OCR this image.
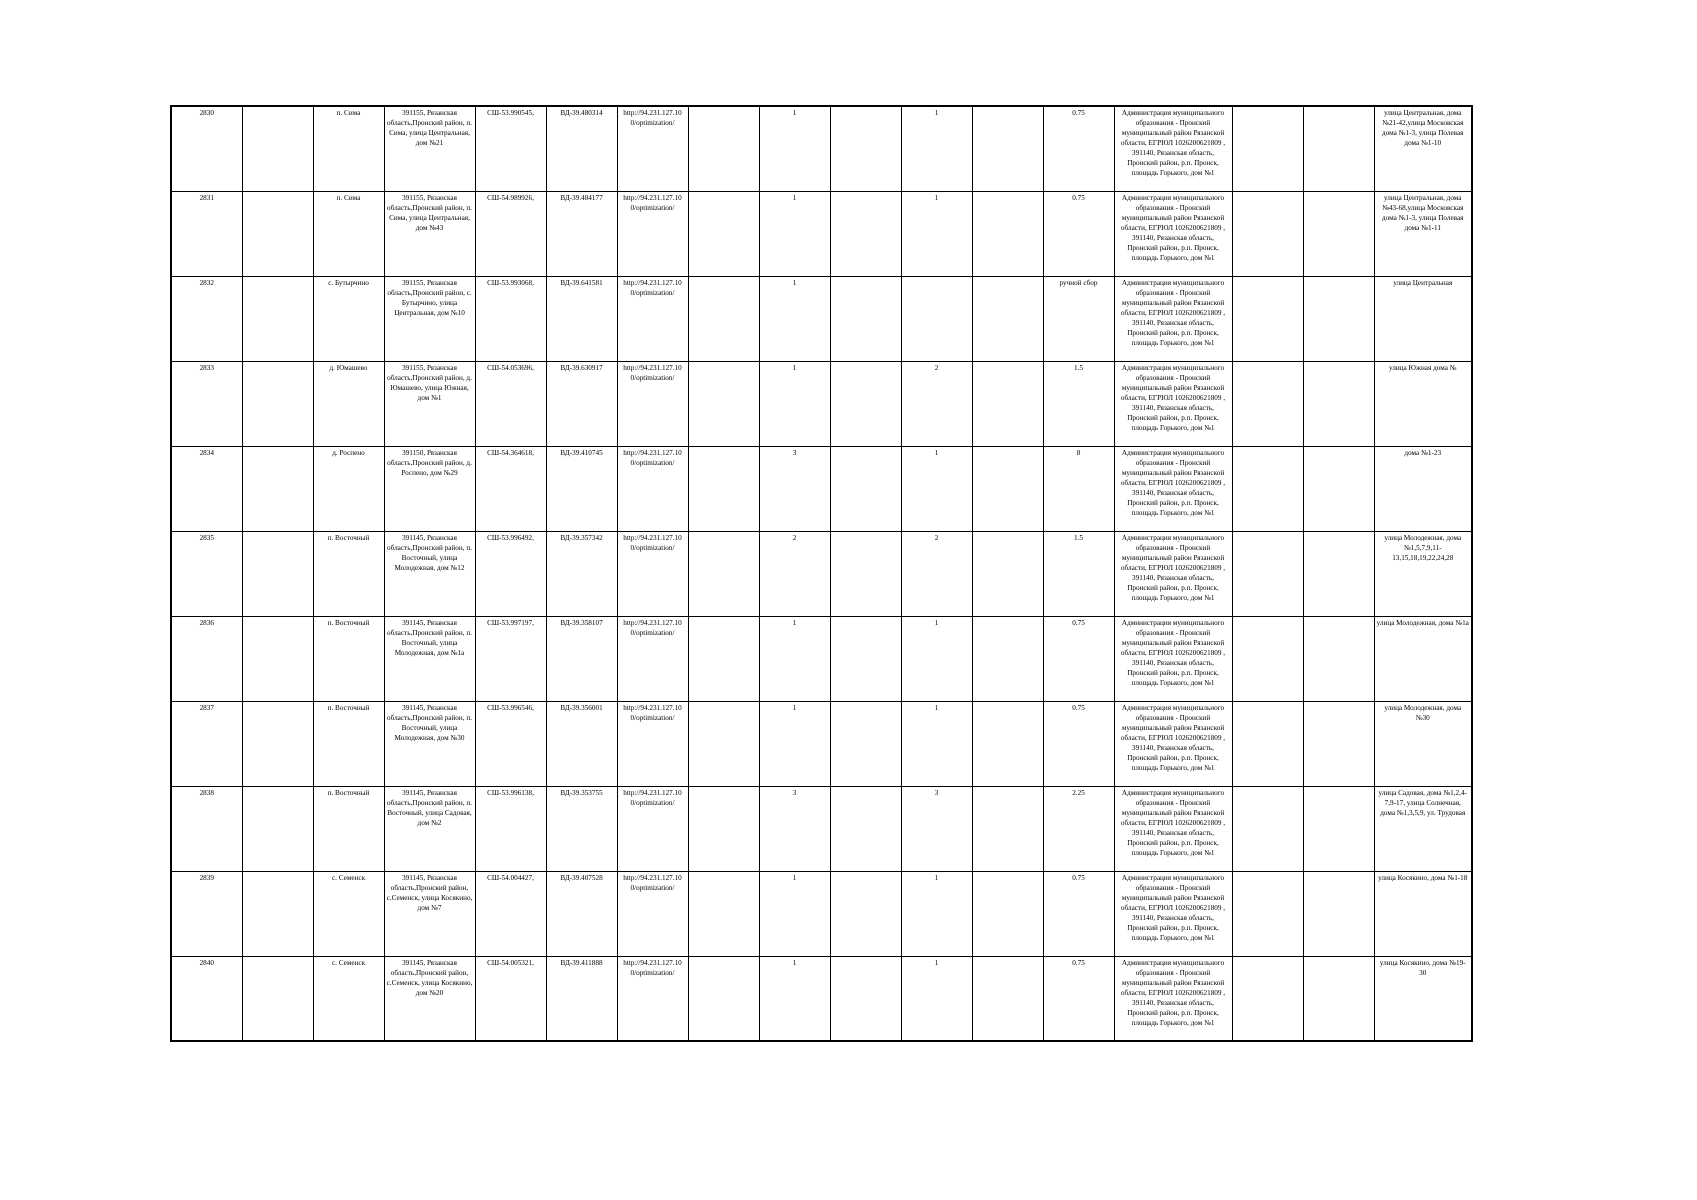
2830		п. Сима	391155, Рязанская область,Пронский район, п. Сима, улица Центральная, дом №21	СШ-53.990545,	ВД-39.480314	http://94.231.127.10 0/optimization/		1		1		0.75	Администрация муниципального образования - Пронский муниципальный район Рязанской области, ЕГРЮЛ 1026200621809 , 391140, Рязанская область, Пронский район, р.п. Пронск, площадь Горького, дом №1			улица Центральная, дома №21-42,улица Московская дома №1-3, улица Полевая дома №1-10
2831		п. Сима	391155, Рязанская область,Пронский район, п. Сима, улица Центральная, дом №43	СШ-54.989926,	ВД-39.484177	http://94.231.127.10 0/optimization/		1		1		0.75	Администрация муниципального образования - Пронский муниципальный район Рязанской области, ЕГРЮЛ 1026200621809 , 391140, Рязанская область, Пронский район, р.п. Пронск, площадь Горького, дом №1			улица Центральная, дома №43-68,улица Московская дома №1-3, улица Полевая дома №1-11
2832		с. Бутырчино	391155, Рязанская область,Пронский район, с. Бутырчино, улица Центральная, дом №10	СШ-53.993068,	ВД-39.641581	http://94.231.127.10 0/optimization/		1				ручной сбор	Администрация муниципального образования - Пронский муниципальный район Рязанской области, ЕГРЮЛ 1026200621809 , 391140, Рязанская область, Пронский район, р.п. Пронск, площадь Горького, дом №1			улица Центральная
2833		д. Юмашево	391155, Рязанская область,Пронский район, д. Юмашево, улица Южная, дом №1	СШ-54.053696,	ВД-39.630917	http://94.231.127.10 0/optimization/		1		2		1.5	Администрация муниципального образования - Пронский муниципальный район Рязанской области, ЕГРЮЛ 1026200621809 , 391140, Рязанская область, Пронский район, р.п. Пронск, площадь Горького, дом №1			улица Южная дома №
2834		д. Роспено	391150, Рязанская область,Пронский район, д. Роспено, дом №29	СШ-54.364618,	ВД-39.410745	http://94.231.127.10 0/optimization/		3		1		8	Администрация муниципального образования - Пронский муниципальный район Рязанской области, ЕГРЮЛ 1026200621809 , 391140, Рязанская область, Пронский район, р.п. Пронск, площадь Горького, дом №1			дома №1-23
2835		п. Восточный	391145, Рязанская область,Пронский район, п. Восточный, улица Молодежная, дом №12	СШ-53.996492,	ВД-39.357342	http://94.231.127.10 0/optimization/		2		2		1.5	Администрация муниципального образования - Пронский муниципальный район Рязанской области, ЕГРЮЛ 1026200621809 , 391140, Рязанская область, Пронский район, р.п. Пронск, площадь Горького, дом №1			улица Молодежная, дома №1,5,7,9,11-13,15,18,19,22,24,28
2836		п. Восточный	391145, Рязанская область,Пронский район, п. Восточный, улица Молодежная, дом №1а	СШ-53.997197,	ВД-39.358107	http://94.231.127.10 0/optimization/		1		1		0.75	Администрация муниципального образования - Пронский муниципальный район Рязанской области, ЕГРЮЛ 1026200621809 , 391140, Рязанская область, Пронский район, р.п. Пронск, площадь Горького, дом №1			улица Молодежная, дома №1а
2837		п. Восточный	391145, Рязанская область,Пронский район, п. Восточный, улица Молодежная, дом №30	СШ-53.996546,	ВД-39.356001	http://94.231.127.10 0/optimization/		1		1		0.75	Администрация муниципального образования - Пронский муниципальный район Рязанской области, ЕГРЮЛ 1026200621809 , 391140, Рязанская область, Пронский район, р.п. Пронск, площадь Горького, дом №1			улица Молодежная, дома №30
2838		п. Восточный	391145, Рязанская область,Пронский район, п. Восточный, улица Садовая, дом №2	СШ-53.996138,	ВД-39.353755	http://94.231.127.10 0/optimization/		3		3		2.25	Администрация муниципального образования - Пронский муниципальный район Рязанской области, ЕГРЮЛ 1026200621809 , 391140, Рязанская область, Пронский район, р.п. Пронск, площадь Горького, дом №1			улица Садовая, дома №1,2,4-7,9-17, улица Солнечная, дома №1,3,5,9, ул. Трудовая
2839		с. Семенск	391145, Рязанская область,Пронский район, с.Семенск, улица Косякино, дом №7	СШ-54.004427,	ВД-39.407528	http://94.231.127.10 0/optimization/		1		1		0.75	Администрация муниципального образования - Пронский муниципальный район Рязанской области, ЕГРЮЛ 1026200621809 , 391140, Рязанская область, Пронский район, р.п. Пронск, площадь Горького, дом №1			улица Косякино, дома №1-18
2840		с. Семенск	391145, Рязанская область,Пронский район, с.Семенск, улица Косякино, дом №20	СШ-54.005321,	ВД-39.411888	http://94.231.127.10 0/optimization/		1		1		0.75	Администрация муниципального образования - Пронский муниципальный район Рязанской области, ЕГРЮЛ 1026200621809 , 391140, Рязанская область, Пронский район, р.п. Пронск, площадь Горького, дом №1			улица Косякино, дома №19-30
